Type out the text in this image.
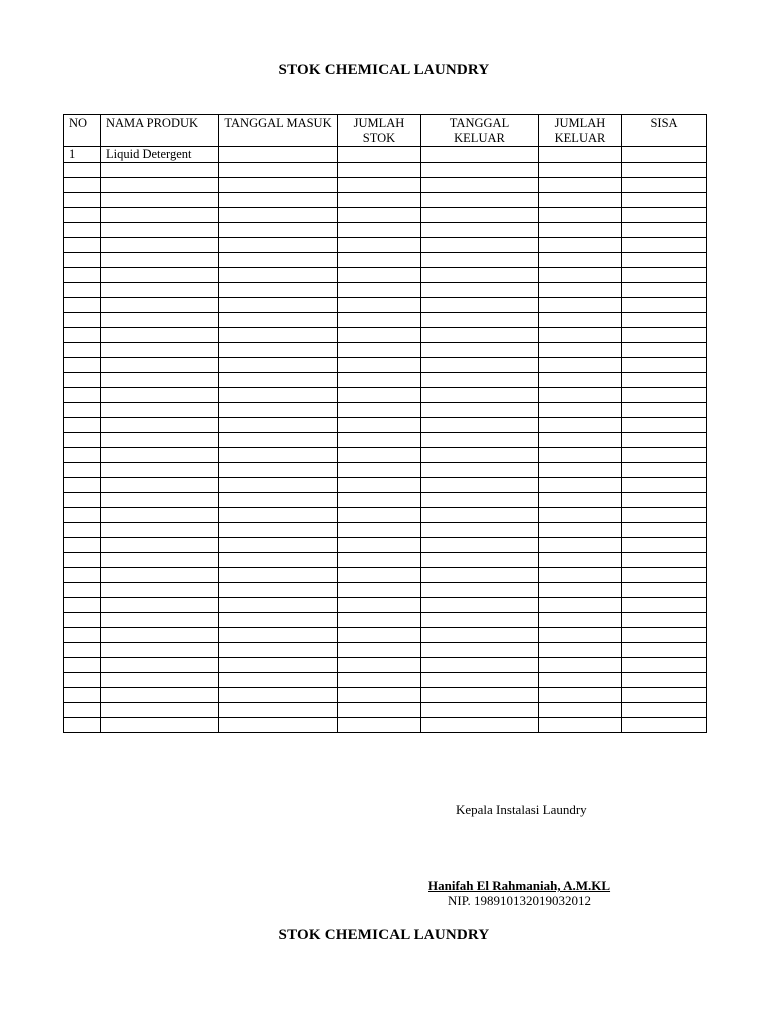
STOK CHEMICAL LAUNDRY
NO	NAMA PRODUK	TANGGAL MASUK	JUMLAH STOK	TANGGAL KELUAR	JUMLAH KELUAR	SISA
1	Liquid Detergent					

Kepala Instalasi Laundry
Hanifah El Rahmaniah, A.M.KL
NIP. 198910132019032012
STOK CHEMICAL LAUNDRY
